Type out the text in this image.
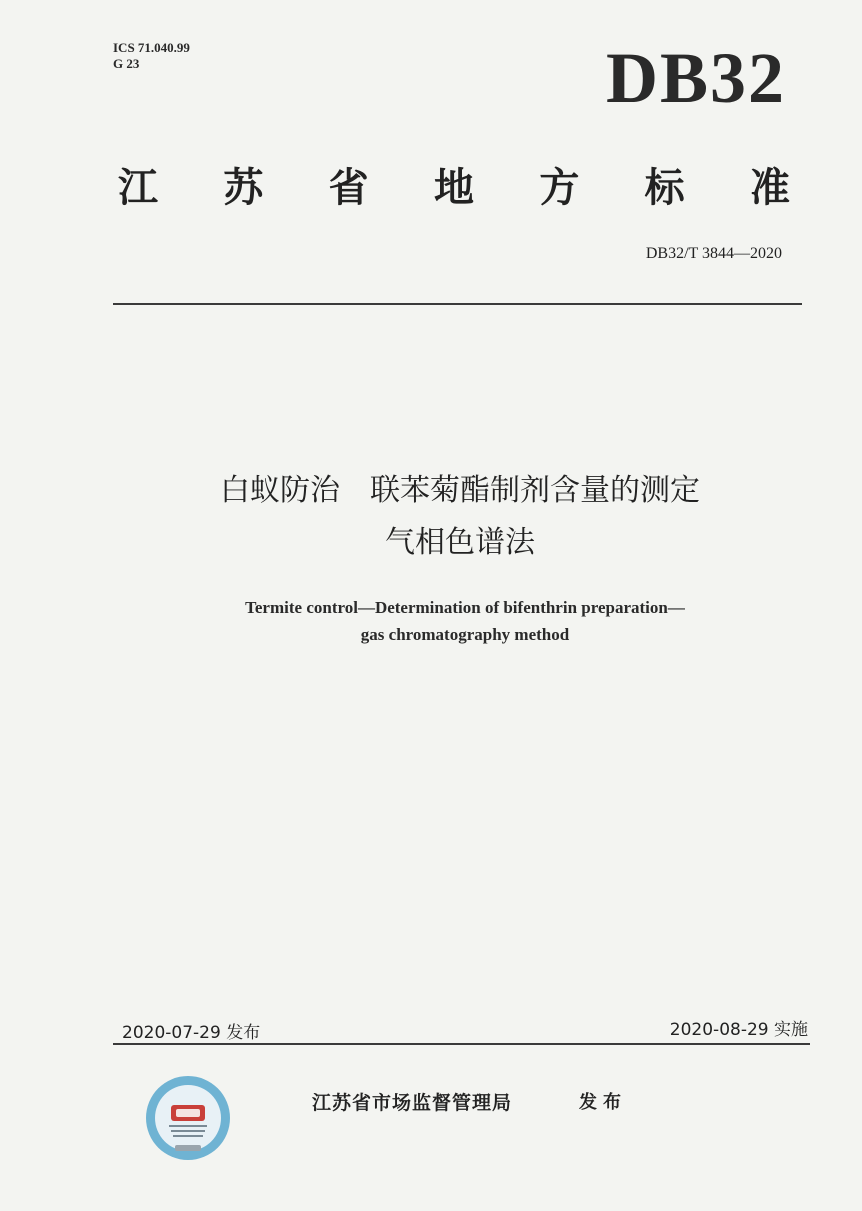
ICS 71.040.99
G 23	DB32
江 苏 省 地 方 标 准
DB32/T 3844—2020
白蚁防治　联苯菊酯制剂含量的测定
气相色谱法
Termite control—Determination of bifenthrin preparation—
gas chromatography method
2020-07-29 发布	2020-08-29 实施
江苏省市场监督管理局	发布
